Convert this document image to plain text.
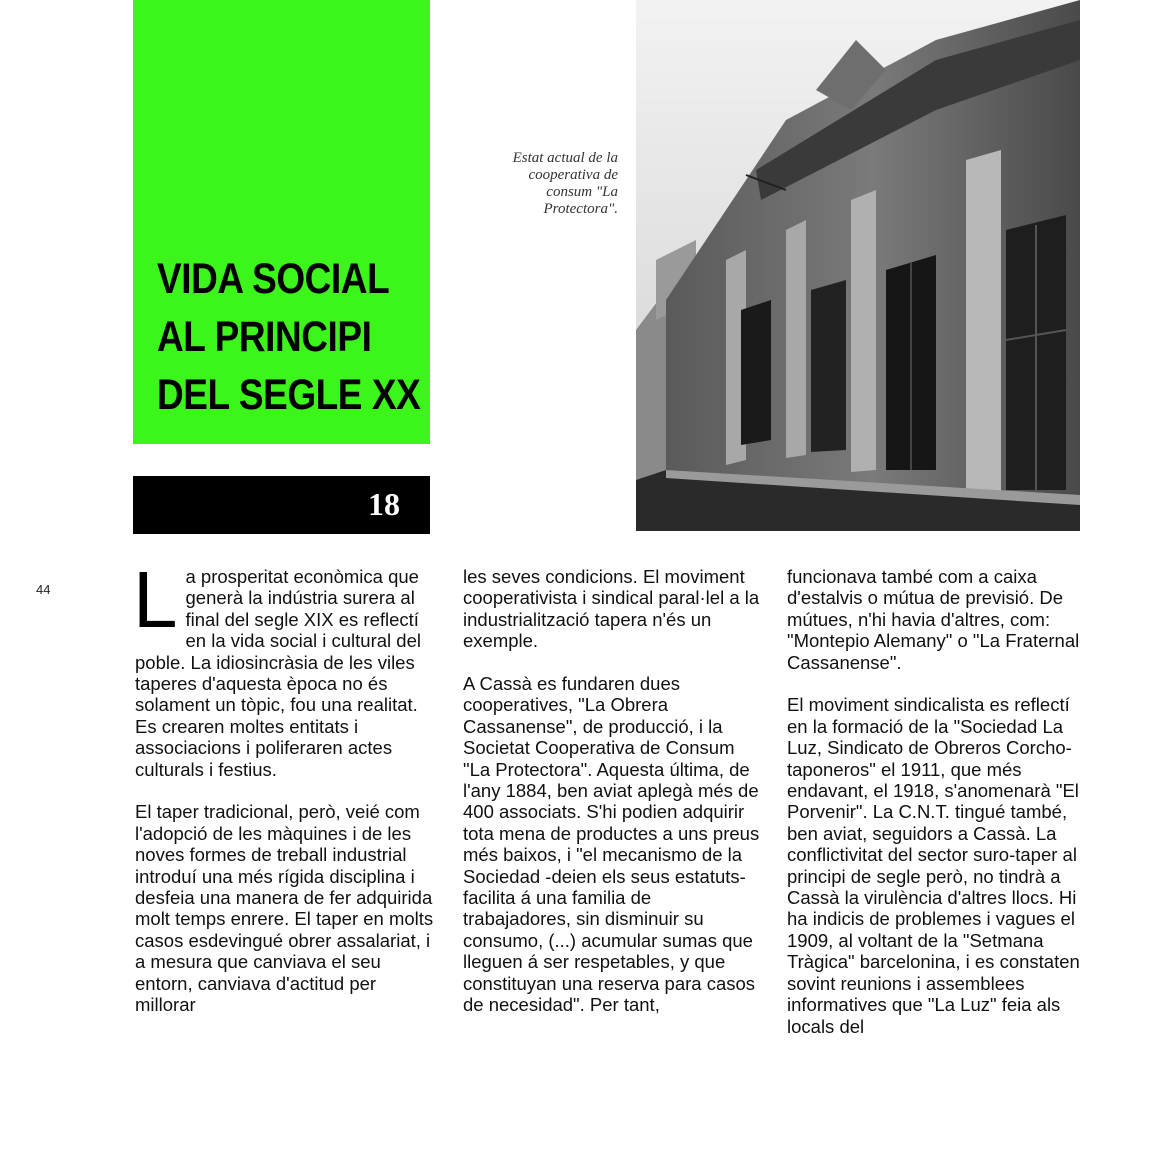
VIDA SOCIAL
AL PRINCIPI
DEL SEGLE XX
18
Estat actual de la
cooperativa de
consum "La
Protectora".
44 La prosperitat econòmica que generà la indústria surera al final del segle XIX es reflectí en la vida social i cultural del poble. La idiosincràsia de les viles taperes d'aquesta època no és solament un tòpic, fou una realitat. Es crearen moltes entitats i associacions i poliferaren actes culturals i festius.

El taper tradicional, però, veié com l'adopció de les màquines i de les noves formes de treball industrial introduí una més rígida disciplina i desfeia una manera de fer adquirida molt temps enrere. El taper en molts casos esdevingué obrer assalariat, i a mesura que canviava el seu entorn, canviava d'actitud per millorar

les seves condicions. El moviment cooperativista i sindical paral·lel a la industrialització tapera n'és un exemple.

A Cassà es fundaren dues cooperatives, "La Obrera Cassanense", de producció, i la Societat Cooperativa de Consum "La Protectora". Aquesta última, de l'any 1884, ben aviat aplegà més de 400 associats. S'hi podien adquirir tota mena de productes a uns preus més baixos, i "el mecanismo de la Sociedad -deien els seus estatuts- facilita á una familia de trabajadores, sin disminuir su consumo, (...) acumular sumas que lleguen á ser respetables, y que constituyan una reserva para casos de necesidad". Per tant,

funcionava també com a caixa d'estalvis o mútua de previsió. De mútues, n'hi havia d'altres, com: "Montepio Alemany" o "La Fraternal Cassanense".

El moviment sindicalista es reflectí en la formació de la "Sociedad La Luz, Sindicato de Obreros Corcho-taponeros" el 1911, que més endavant, el 1918, s'anomenarà "El Porvenir". La C.N.T. tingué també, ben aviat, seguidors a Cassà. La conflictivitat del sector suro-taper al principi de segle però, no tindrà a Cassà la virulència d'altres llocs. Hi ha indicis de problemes i vagues el 1909, al voltant de la "Setmana Tràgica" barcelonina, i es constaten sovint reunions i assemblees informatives que "La Luz" feia als locals del
